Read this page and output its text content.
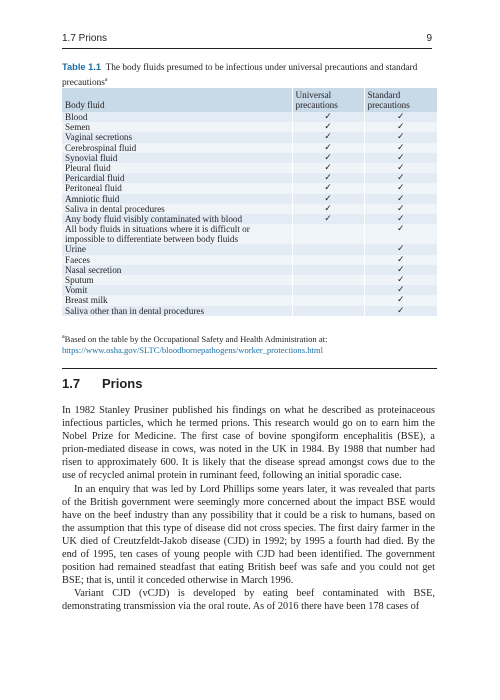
1.7 Prions	9
Table 1.1 The body fluids presumed to be infectious under universal precautions and standard precautions$^a$
Body fluid	Universal precautions	Standard precautions
Blood	✓	✓
Semen	✓	✓
Vaginal secretions	✓	✓
Cerebrospinal fluid	✓	✓
Synovial fluid	✓	✓
Pleural fluid	✓	✓
Pericardial fluid	✓	✓
Peritoneal fluid	✓	✓
Amniotic fluid	✓	✓
Saliva in dental procedures	✓	✓
Any body fluid visibly contaminated with blood	✓	✓
All body fluids in situations where it is difficult or impossible to differentiate between body fluids		✓
Urine		✓
Faeces		✓
Nasal secretion		✓
Sputum		✓
Vomit		✓
Breast milk		✓
Saliva other than in dental procedures		✓
$^a$Based on the table by the Occupational Safety and Health Administration at: https://www.osha.gov/SLTC/bloodbornepathogens/worker_protections.html
1.7 Prions

In 1982 Stanley Prusiner published his findings on what he described as proteinaceous infectious particles, which he termed prions. This research would go on to earn him the Nobel Prize for Medicine. The first case of bovine spongiform encephalitis (BSE), a prion-mediated disease in cows, was noted in the UK in 1984. By 1988 that number had risen to approximately 600. It is likely that the disease spread amongst cows due to the use of recycled animal protein in ruminant feed, following an initial sporadic case.

In an enquiry that was led by Lord Phillips some years later, it was revealed that parts of the British government were seemingly more concerned about the impact BSE would have on the beef industry than any possibility that it could be a risk to humans, based on the assumption that this type of disease did not cross species. The first dairy farmer in the UK died of Creutzfeldt-Jakob disease (CJD) in 1992; by 1995 a fourth had died. By the end of 1995, ten cases of young people with CJD had been identified. The government position had remained steadfast that eating British beef was safe and you could not get BSE; that is, until it conceded otherwise in March 1996.

Variant CJD (vCJD) is developed by eating beef contaminated with BSE, demonstrating transmission via the oral route. As of 2016 there have been 178 cases of
